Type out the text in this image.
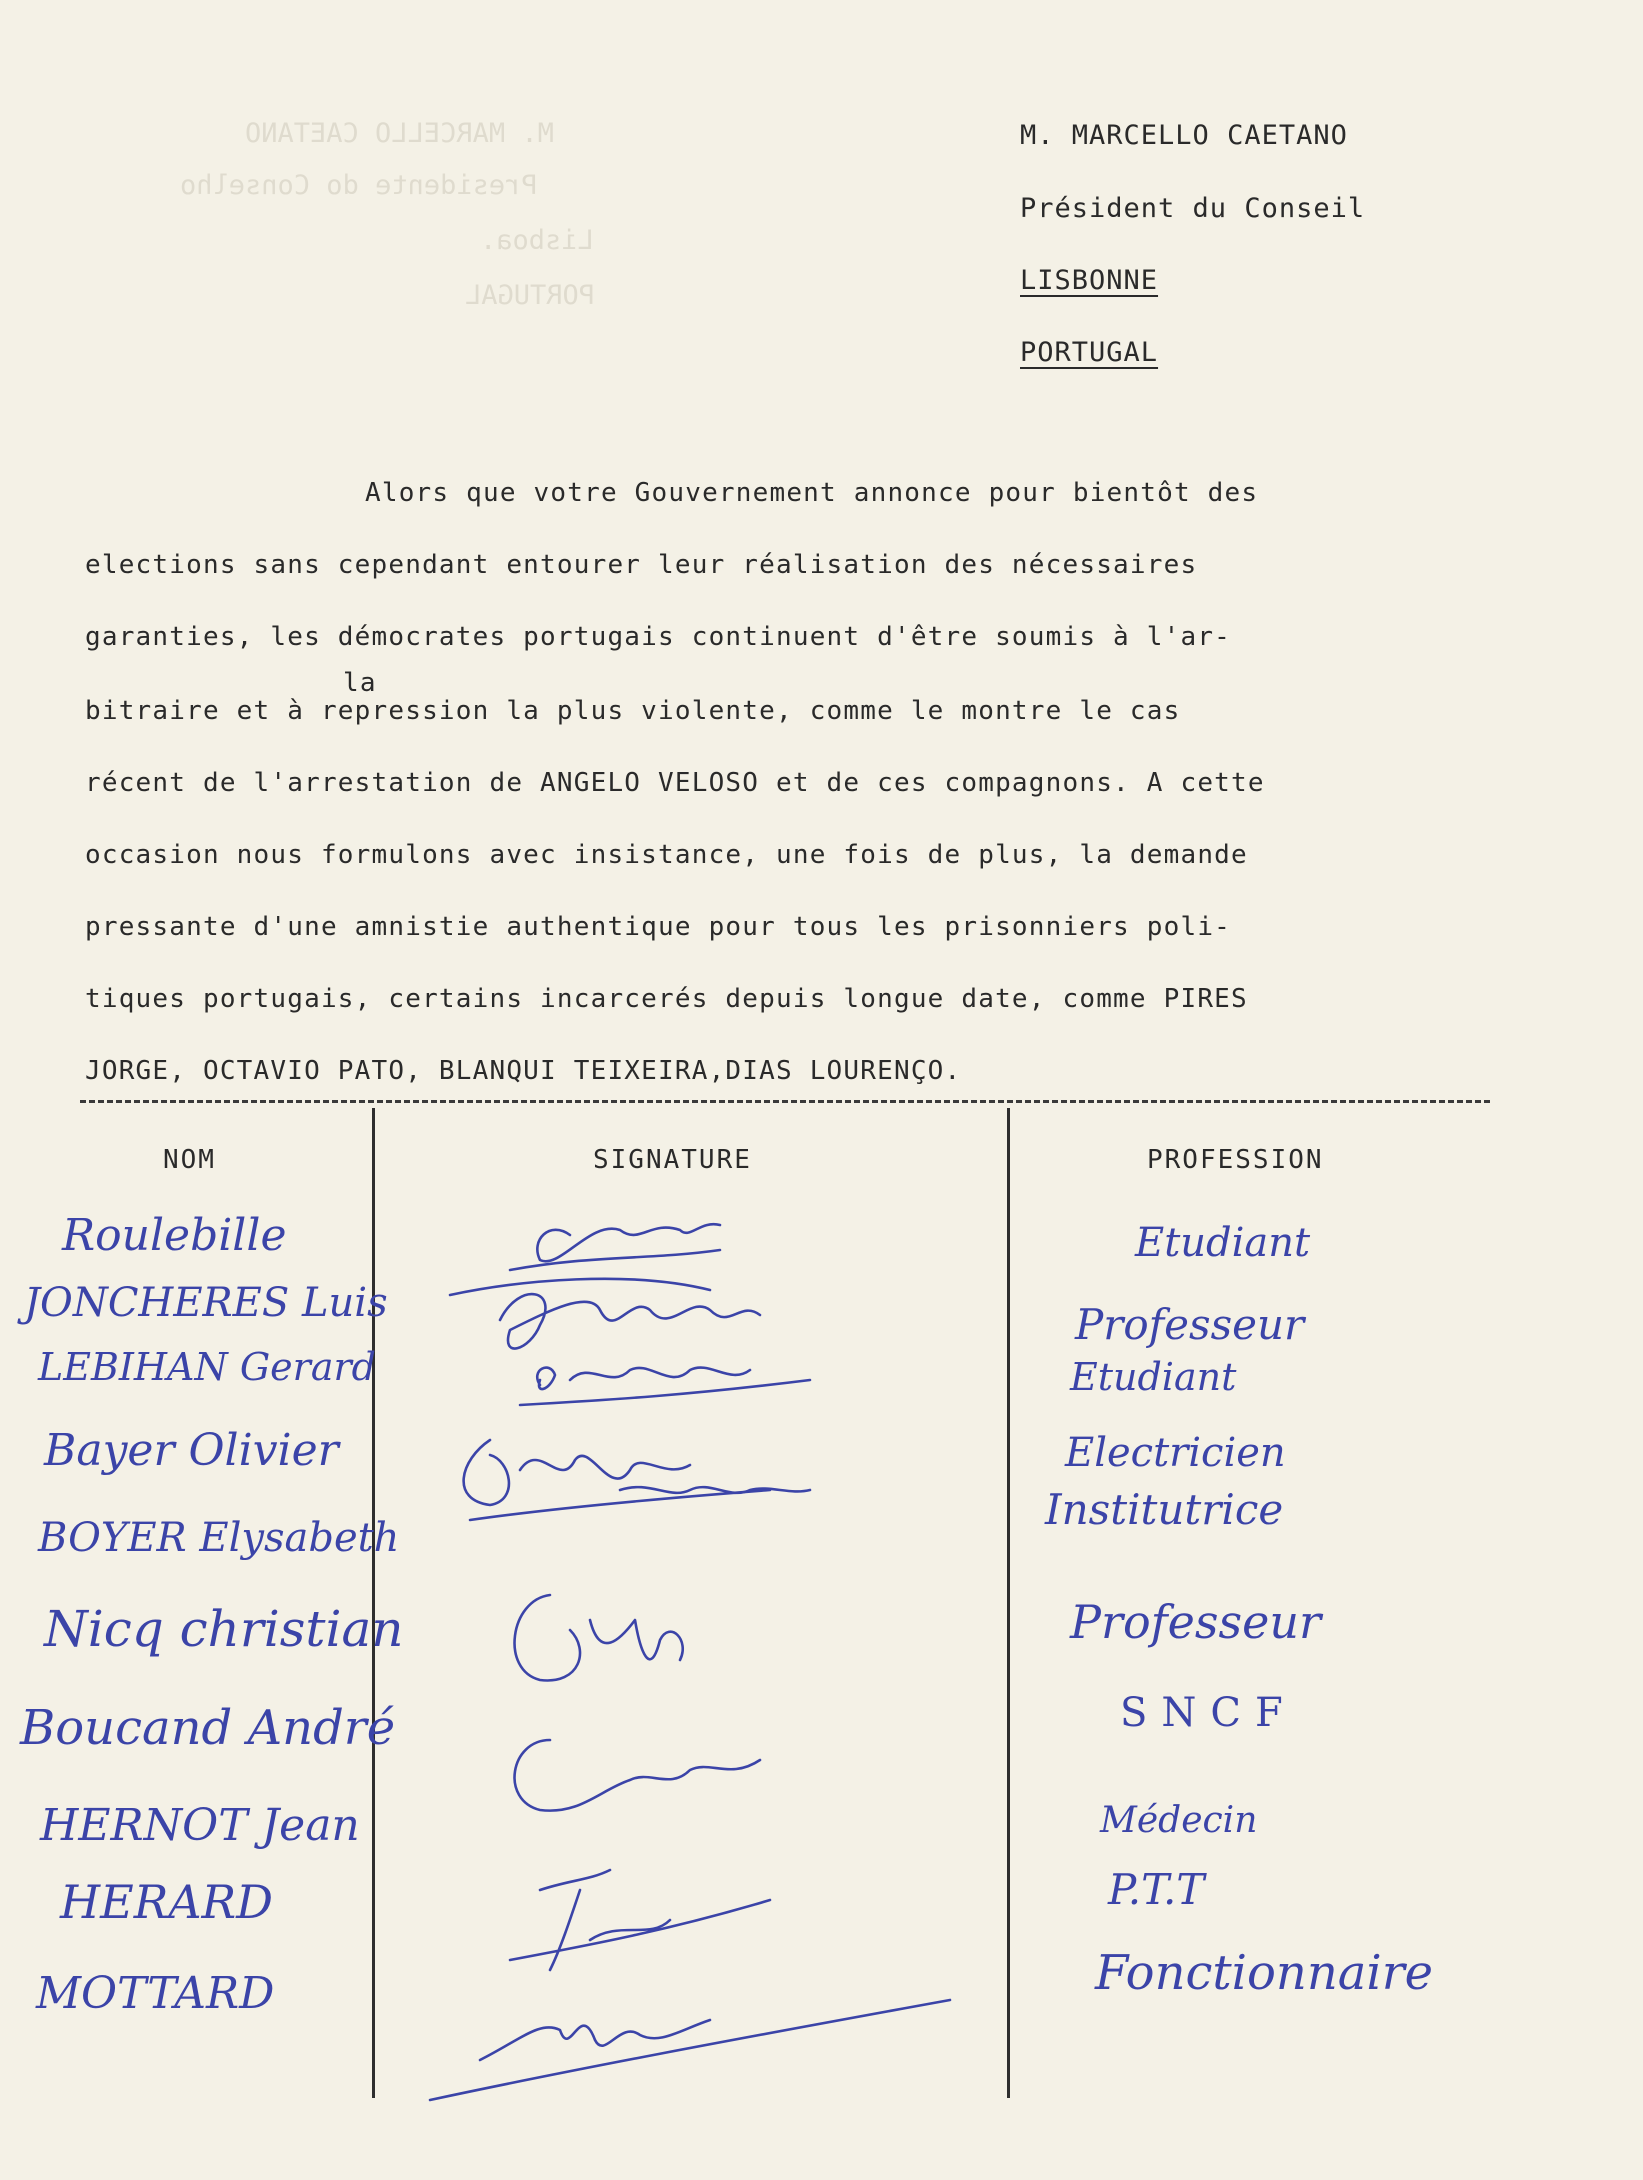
M. MARCELLO CAETANO
Presidente do Conselho
Lisboa.
PORTUGAL
M. MARCELLO CAETANO
Président du Conseil
LISBONNE
PORTUGAL
Alors que votre Gouvernement annonce pour bientôt des
elections sans cependant entourer leur réalisation des nécessaires
garanties, les démocrates portugais continuent d'être soumis à l'ar-
la
bitraire et à repression la plus violente, comme le montre le cas
récent de l'arrestation de ANGELO VELOSO et de ces compagnons. A cette
occasion nous formulons avec insistance, une fois de plus, la demande
pressante d'une amnistie authentique pour tous les prisonniers poli-
tiques portugais, certains incarcerés depuis longue date, comme PIRES
JORGE, OCTAVIO PATO, BLANQUI TEIXEIRA,DIAS LOURENÇO.
NOM	SIGNATURE	PROFESSION
Roulebille
JONCHERES Luis
LEBIHAN Gerard
Bayer Olivier
BOYER Elysabeth
Nicq christian
Boucand André
HERNOT Jean
HERARD
MOTTARD
Etudiant
Professeur
Etudiant
Electricien
Institutrice
Professeur
SNCF
Médecin
P.T.T
Fonctionnaire
